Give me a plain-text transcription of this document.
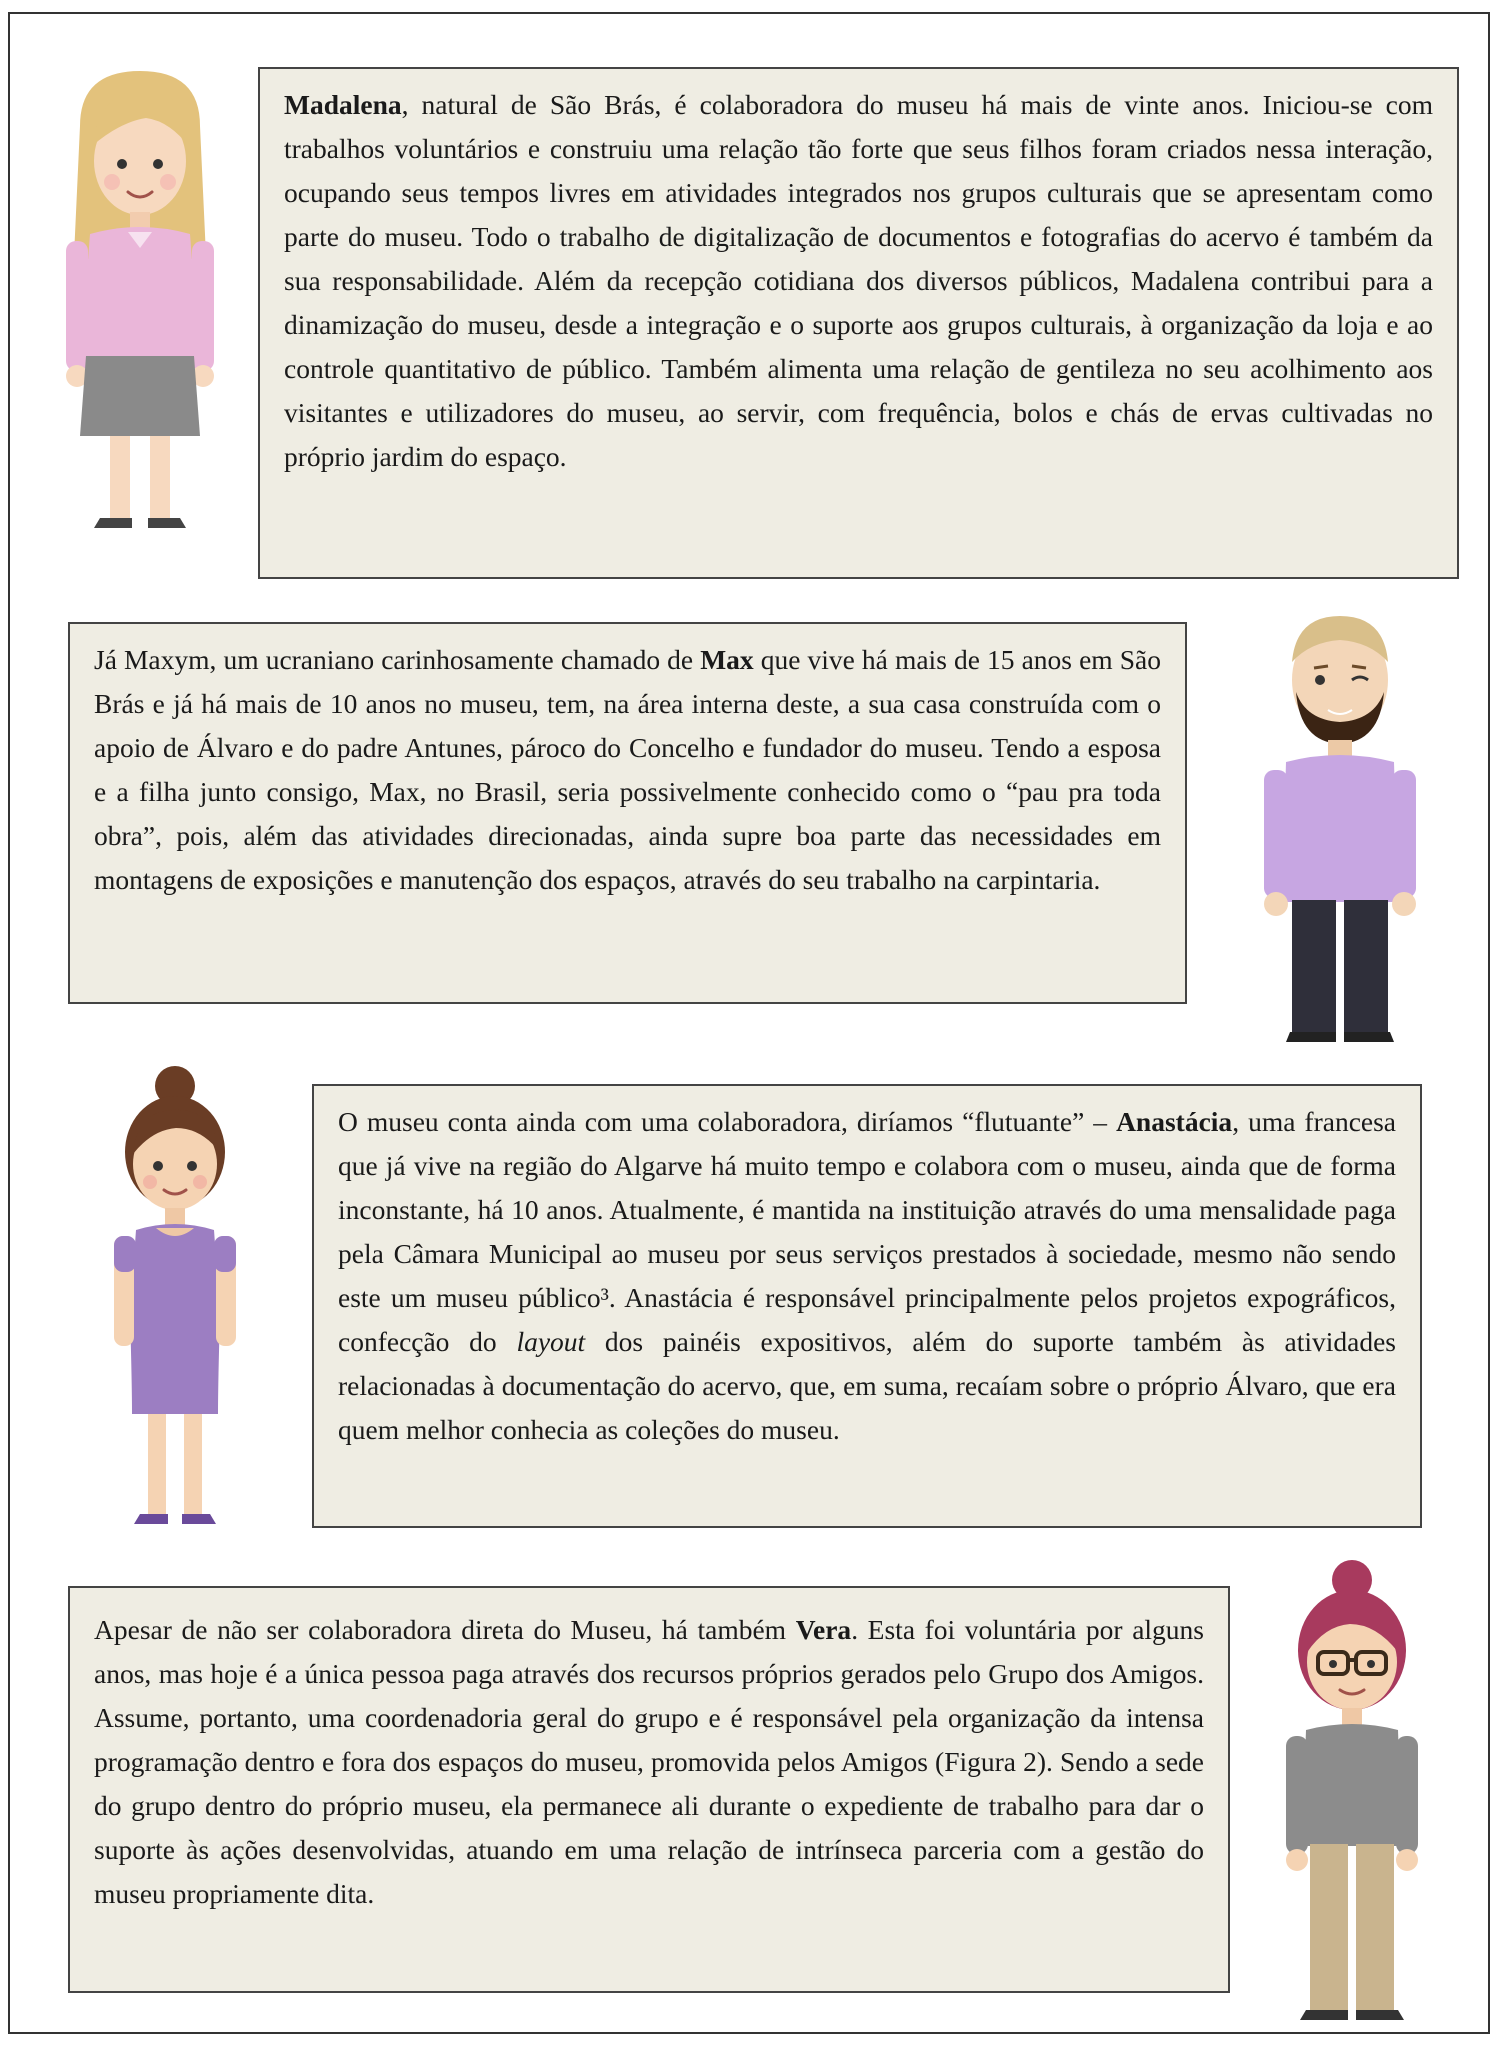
Madalena, natural de São Brás, é colaboradora do museu há mais de vinte anos. Iniciou-se com trabalhos voluntários e construiu uma relação tão forte que seus filhos foram criados nessa interação, ocupando seus tempos livres em atividades integrados nos grupos culturais que se apresentam como parte do museu. Todo o trabalho de digitalização de documentos e fotografias do acervo é também da sua responsabilidade. Além da recepção cotidiana dos diversos públicos, Madalena contribui para a dinamização do museu, desde a integração e o suporte aos grupos culturais, à organização da loja e ao controle quantitativo de público. Também alimenta uma relação de gentileza no seu acolhimento aos visitantes e utilizadores do museu, ao servir, com frequência, bolos e chás de ervas cultivadas no próprio jardim do espaço.

Já Maxym, um ucraniano carinhosamente chamado de Max que vive há mais de 15 anos em São Brás e já há mais de 10 anos no museu, tem, na área interna deste, a sua casa construída com o apoio de Álvaro e do padre Antunes, pároco do Concelho e fundador do museu. Tendo a esposa e a filha junto consigo, Max, no Brasil, seria possivelmente conhecido como o “pau pra toda obra”, pois, além das atividades direcionadas, ainda supre boa parte das necessidades em montagens de exposições e manutenção dos espaços, através do seu trabalho na carpintaria.

O museu conta ainda com uma colaboradora, diríamos “flutuante” – Anastácia, uma francesa que já vive na região do Algarve há muito tempo e colabora com o museu, ainda que de forma inconstante, há 10 anos. Atualmente, é mantida na instituição através do uma mensalidade paga pela Câmara Municipal ao museu por seus serviços prestados à sociedade, mesmo não sendo este um museu público³. Anastácia é responsável principalmente pelos projetos expográficos, confecção do layout dos painéis expositivos, além do suporte também às atividades relacionadas à documentação do acervo, que, em suma, recaíam sobre o próprio Álvaro, que era quem melhor conhecia as coleções do museu.

Apesar de não ser colaboradora direta do Museu, há também Vera. Esta foi voluntária por alguns anos, mas hoje é a única pessoa paga através dos recursos próprios gerados pelo Grupo dos Amigos. Assume, portanto, uma coordenadoria geral do grupo e é responsável pela organização da intensa programação dentro e fora dos espaços do museu, promovida pelos Amigos (Figura 2). Sendo a sede do grupo dentro do próprio museu, ela permanece ali durante o expediente de trabalho para dar o suporte às ações desenvolvidas, atuando em uma relação de intrínseca parceria com a gestão do museu propriamente dita.
